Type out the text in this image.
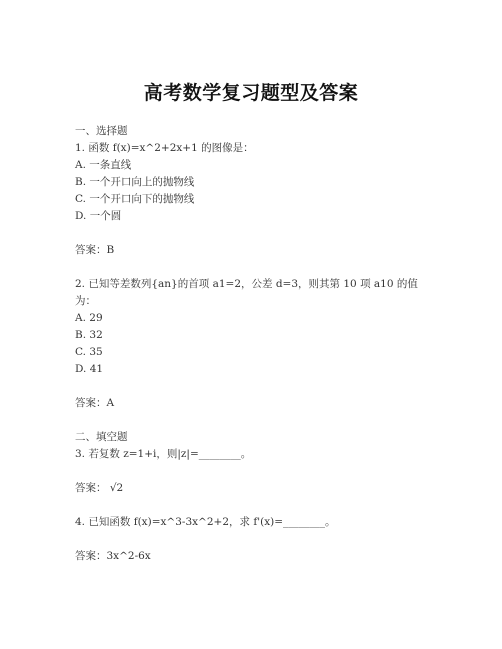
高考数学复习题型及答案
一、选择题
1. 函数 f(x)=x^2+2x+1 的图像是：
A. 一条直线
B. 一个开口向上的抛物线
C. 一个开口向下的抛物线
D. 一个圆
答案：B
2. 已知等差数列{an}的首项 a1=2，公差 d=3，则其第 10 项 a10 的值
为：
A. 29
B. 32
C. 35
D. 41
答案：A
二、填空题
3. 若复数 z=1+i，则|z|=________。
答案： √2
4. 已知函数 f(x)=x^3-3x^2+2，求 f'(x)=________。
答案：3x^2-6x
